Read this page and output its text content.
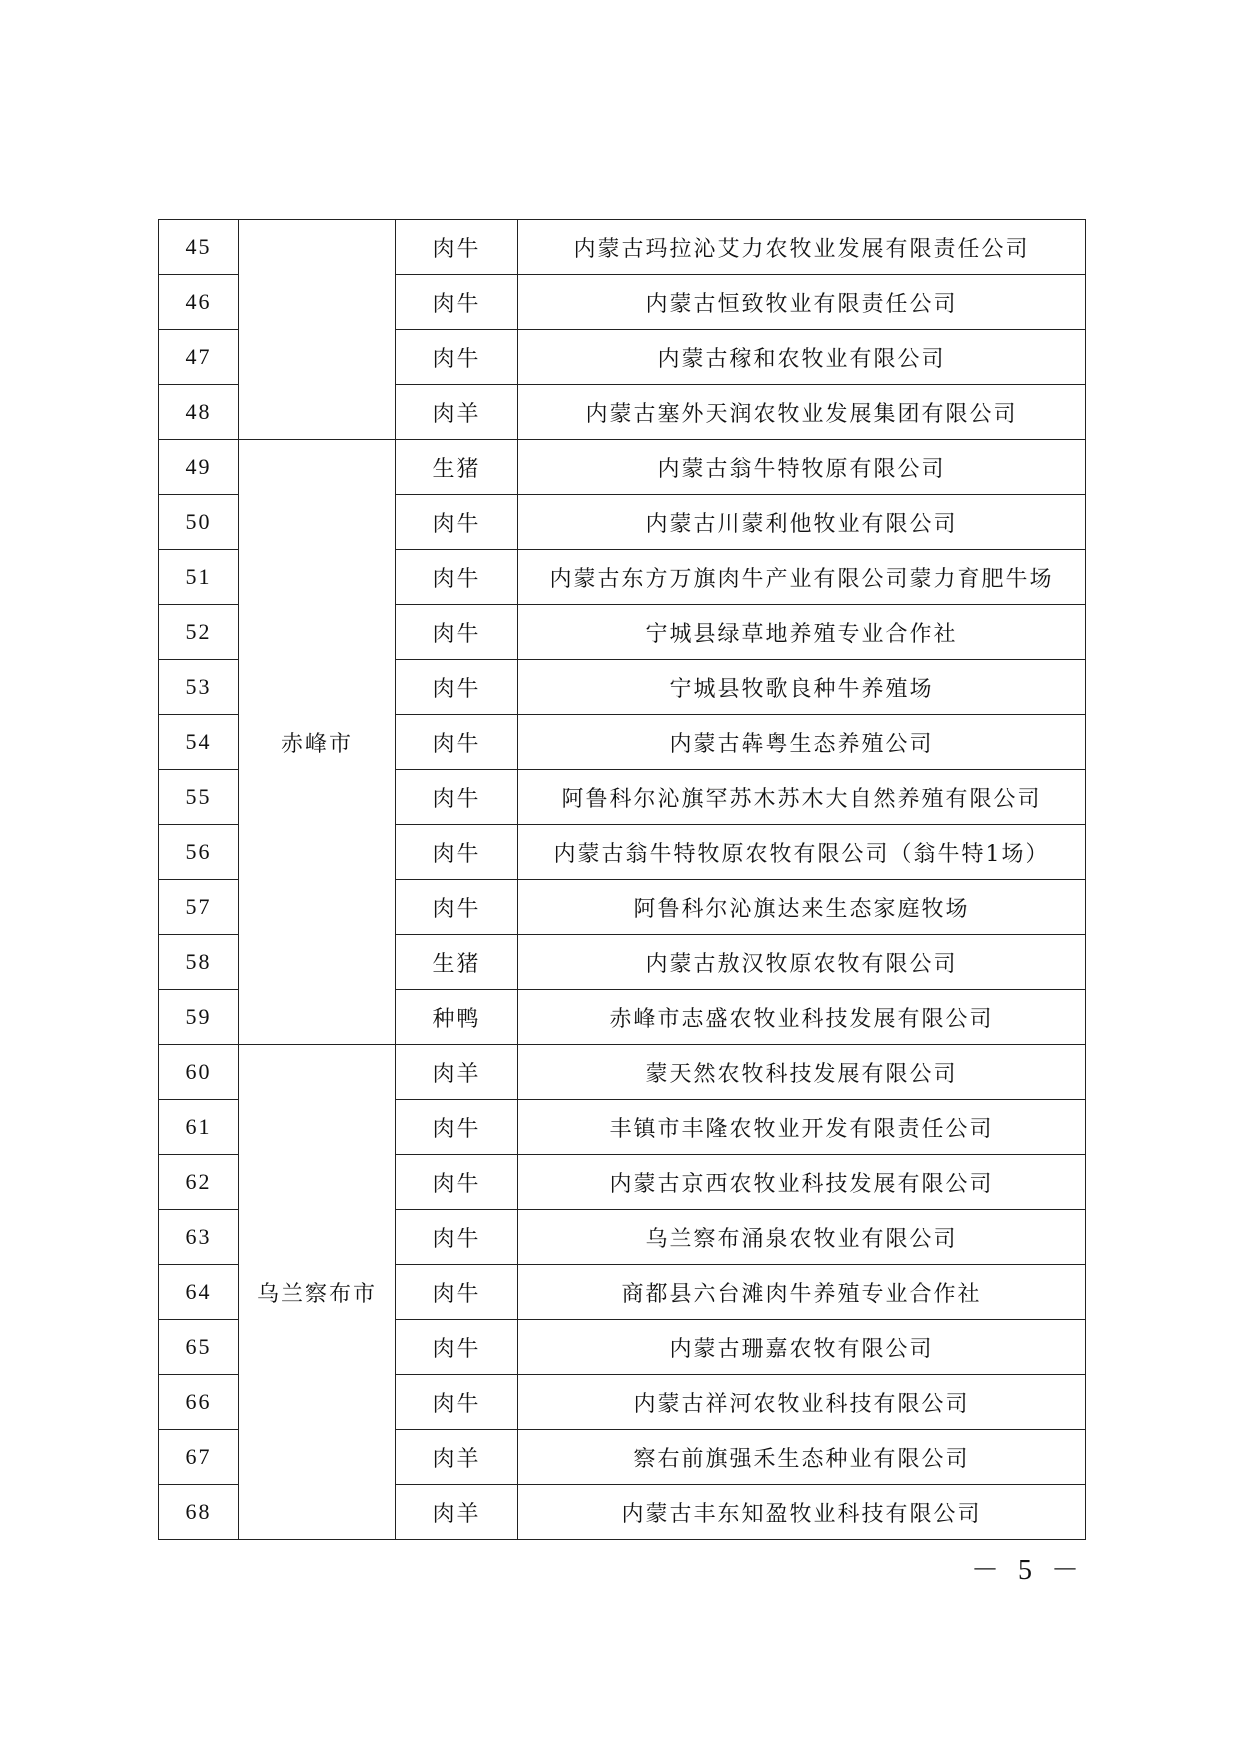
45		肉牛	内蒙古玛拉沁艾力农牧业发展有限责任公司
46		肉牛	内蒙古恒致牧业有限责任公司
47		肉牛	内蒙古稼和农牧业有限公司
48		肉羊	内蒙古塞外天润农牧业发展集团有限公司
49	赤峰市	生猪	内蒙古翁牛特牧原有限公司
50		肉牛	内蒙古川蒙利他牧业有限公司
51		肉牛	内蒙古东方万旗肉牛产业有限公司蒙力育肥牛场
52		肉牛	宁城县绿草地养殖专业合作社
53		肉牛	宁城县牧歌良种牛养殖场
54		肉牛	内蒙古犇粤生态养殖公司
55		肉牛	阿鲁科尔沁旗罕苏木苏木大自然养殖有限公司
56		肉牛	内蒙古翁牛特牧原农牧有限公司（翁牛特1场）
57		肉牛	阿鲁科尔沁旗达来生态家庭牧场
58		生猪	内蒙古敖汉牧原农牧有限公司
59		种鸭	赤峰市志盛农牧业科技发展有限公司
60	乌兰察布市	肉羊	蒙天然农牧科技发展有限公司
61		肉牛	丰镇市丰隆农牧业开发有限责任公司
62		肉牛	内蒙古京西农牧业科技发展有限公司
63		肉牛	乌兰察布涌泉农牧业有限公司
64		肉牛	商都县六台滩肉牛养殖专业合作社
65		肉牛	内蒙古珊嘉农牧有限公司
66		肉牛	内蒙古祥河农牧业科技有限公司
67		肉羊	察右前旗强禾生态种业有限公司
68		肉羊	内蒙古丰东知盈牧业科技有限公司
－ 5 －
